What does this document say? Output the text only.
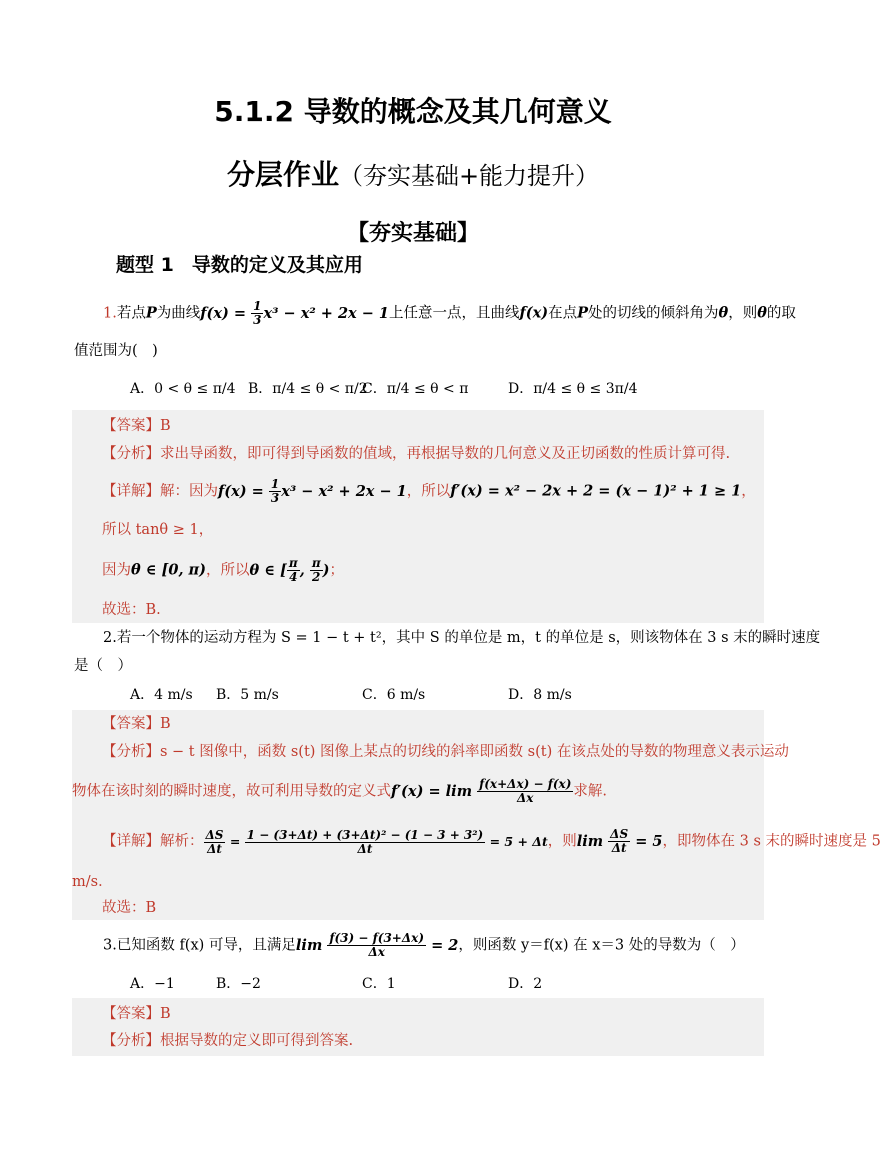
5.1.2 导数的概念及其几何意义
分层作业（夯实基础+能力提升）
【夯实基础】
题型 1 导数的定义及其应用
1.若点P为曲线$f(x) = \frac{1}{3} x^3 - x^2 + 2x - 1$上任意一点，且曲线f(x)在点P处的切线的倾斜角为θ，则θ的取
值范围为(　)
A．0 < θ ≤ π/4 B．π/4 ≤ θ < π/2
C．π/4 ≤ θ < π	D．π/4 ≤ θ ≤ 3π/4
【答案】B
【分析】求出导函数，即可得到导函数的值域，再根据导数的几何意义及正切函数的性质计算可得.
【详解】解：因为$f(x) = \frac{1}{3} x^3 - x^2 + 2x - 1$，所以f′(x) = x² − 2x + 2 = (x − 1)² + 1 ≥ 1，
所以 tanθ ≥ 1，
因为θ ∈ [0, π)，所以θ ∈ [ $\frac{\pi}{4}$ , $\frac{\pi}{2}$ )；
故选：B.
2.若一个物体的运动方程为 S = 1 − t + t²，其中 S 的单位是 m，t 的单位是 s，则该物体在 3 s 末的瞬时速度
是（　）
A．4 m/s B．5 m/s	C．6 m/s	D．8 m/s
【答案】B
【分析】s − t 图像中，函数 s(t) 图像上某点的切线的斜率即函数 s(t) 在该点处的导数的物理意义表示运动
物体在该时刻的瞬时速度，故可利用导数的定义式$f'(x) = \lim \frac{f(x+\Delta x) - f(x)}{\Delta x}$ 求解.
【详解】解析： $\frac{\Delta S}{\Delta t} = \frac{\text{1 − (3+Δt) + (3+Δt)² − (1 − 3 + 3²)}}{\Delta t} = 5 + \Delta t$，则$\lim \frac{\Delta S}{\Delta t} = 5$，即物体在 3 s 末的瞬时速度是 5
m/s．
故选：B
3.已知函数 f(x) 可导，且满足$\lim \frac{f(3) - f(3+\Delta x)}{\Delta x} = 2$，则函数 y＝f(x) 在 x＝3 处的导数为（　）
A．−1	B．−2	C．1	D．2
【答案】B
【分析】根据导数的定义即可得到答案.
